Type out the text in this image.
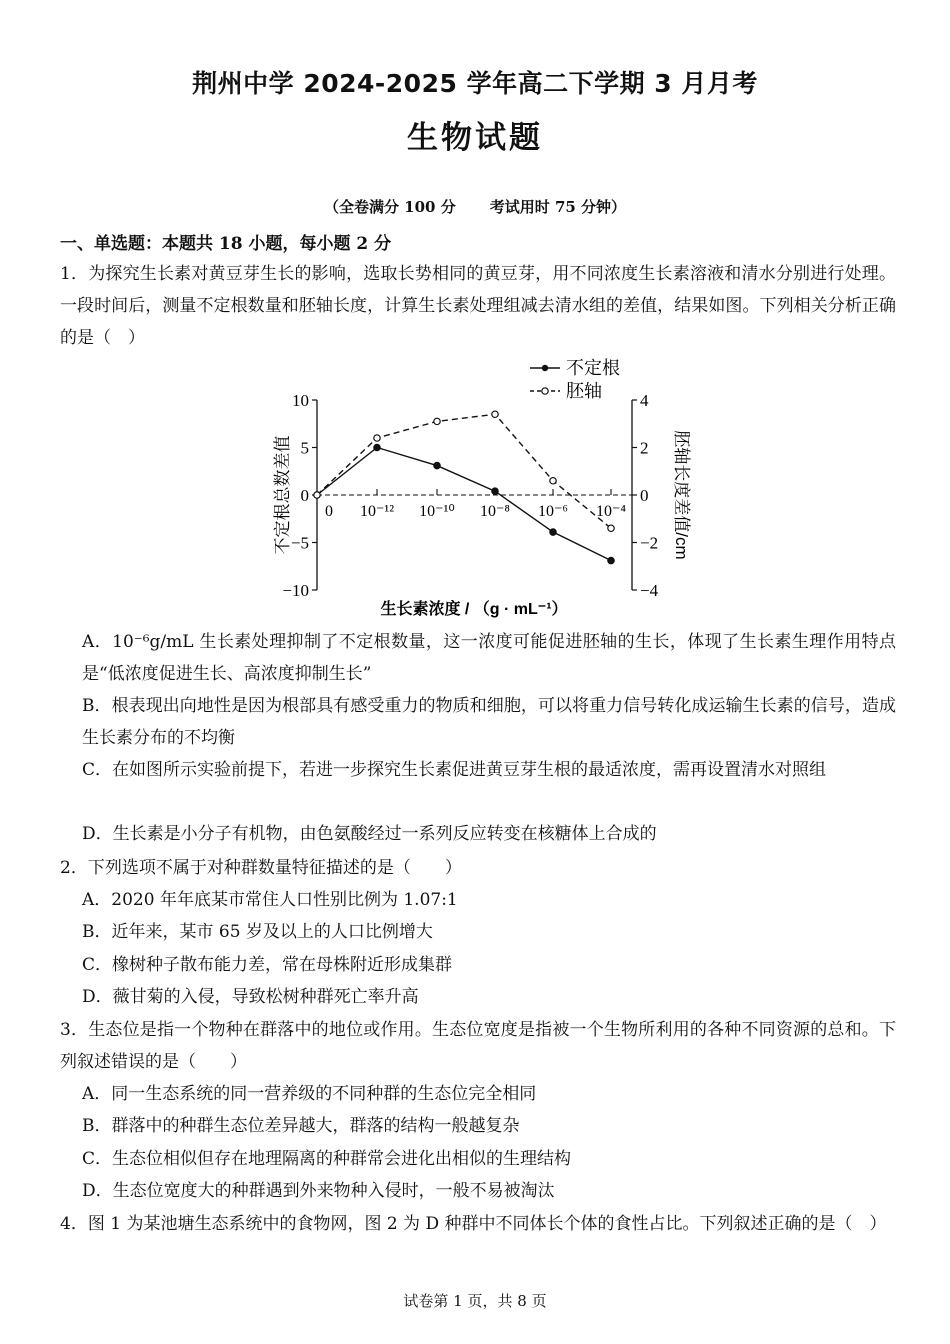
荆州中学 2024-2025 学年高二下学期 3 月月考
生物试题
（全卷满分 100 分 考试用时 75 分钟）
一、单选题：本题共 18 小题，每小题 2 分
1．为探究生长素对黄豆芽生长的影响，选取长势相同的黄豆芽，用不同浓度生长素溶液和清水分别进行处理。一段时间后，测量不定根数量和胚轴长度，计算生长素处理组减去清水组的差值，结果如图。下列相关分析正确的是（　）
不定根
胚轴
10
5
0
−5
−10
4
2
0
−2
−4
0 10⁻¹² 10⁻¹⁰ 10⁻⁸ 10⁻⁶ 10⁻⁴
不定根总数差值	胚轴长度差值/cm
生长素浓度 / （g · mL⁻¹）
A．10⁻⁶g/mL 生长素处理抑制了不定根数量，这一浓度可能促进胚轴的生长，体现了生长素生理作用特点是“低浓度促进生长、高浓度抑制生长”
B．根表现出向地性是因为根部具有感受重力的物质和细胞，可以将重力信号转化成运输生长素的信号，造成生长素分布的不均衡
C．在如图所示实验前提下，若进一步探究生长素促进黄豆芽生根的最适浓度，需再设置清水对照组
D．生长素是小分子有机物，由色氨酸经过一系列反应转变在核糖体上合成的
2．下列选项不属于对种群数量特征描述的是（　　）
A．2020 年年底某市常住人口性别比例为 1.07:1
B．近年来，某市 65 岁及以上的人口比例增大
C．橡树种子散布能力差，常在母株附近形成集群
D．薇甘菊的入侵，导致松树种群死亡率升高
3．生态位是指一个物种在群落中的地位或作用。生态位宽度是指被一个生物所利用的各种不同资源的总和。下列叙述错误的是（　　）
A．同一生态系统的同一营养级的不同种群的生态位完全相同
B．群落中的种群生态位差异越大，群落的结构一般越复杂
C．生态位相似但存在地理隔离的种群常会进化出相似的生理结构
D．生态位宽度大的种群遇到外来物种入侵时，一般不易被淘汰
4．图 1 为某池塘生态系统中的食物网，图 2 为 D 种群中不同体长个体的食性占比。下列叙述正确的是（　）
试卷第 1 页，共 8 页
